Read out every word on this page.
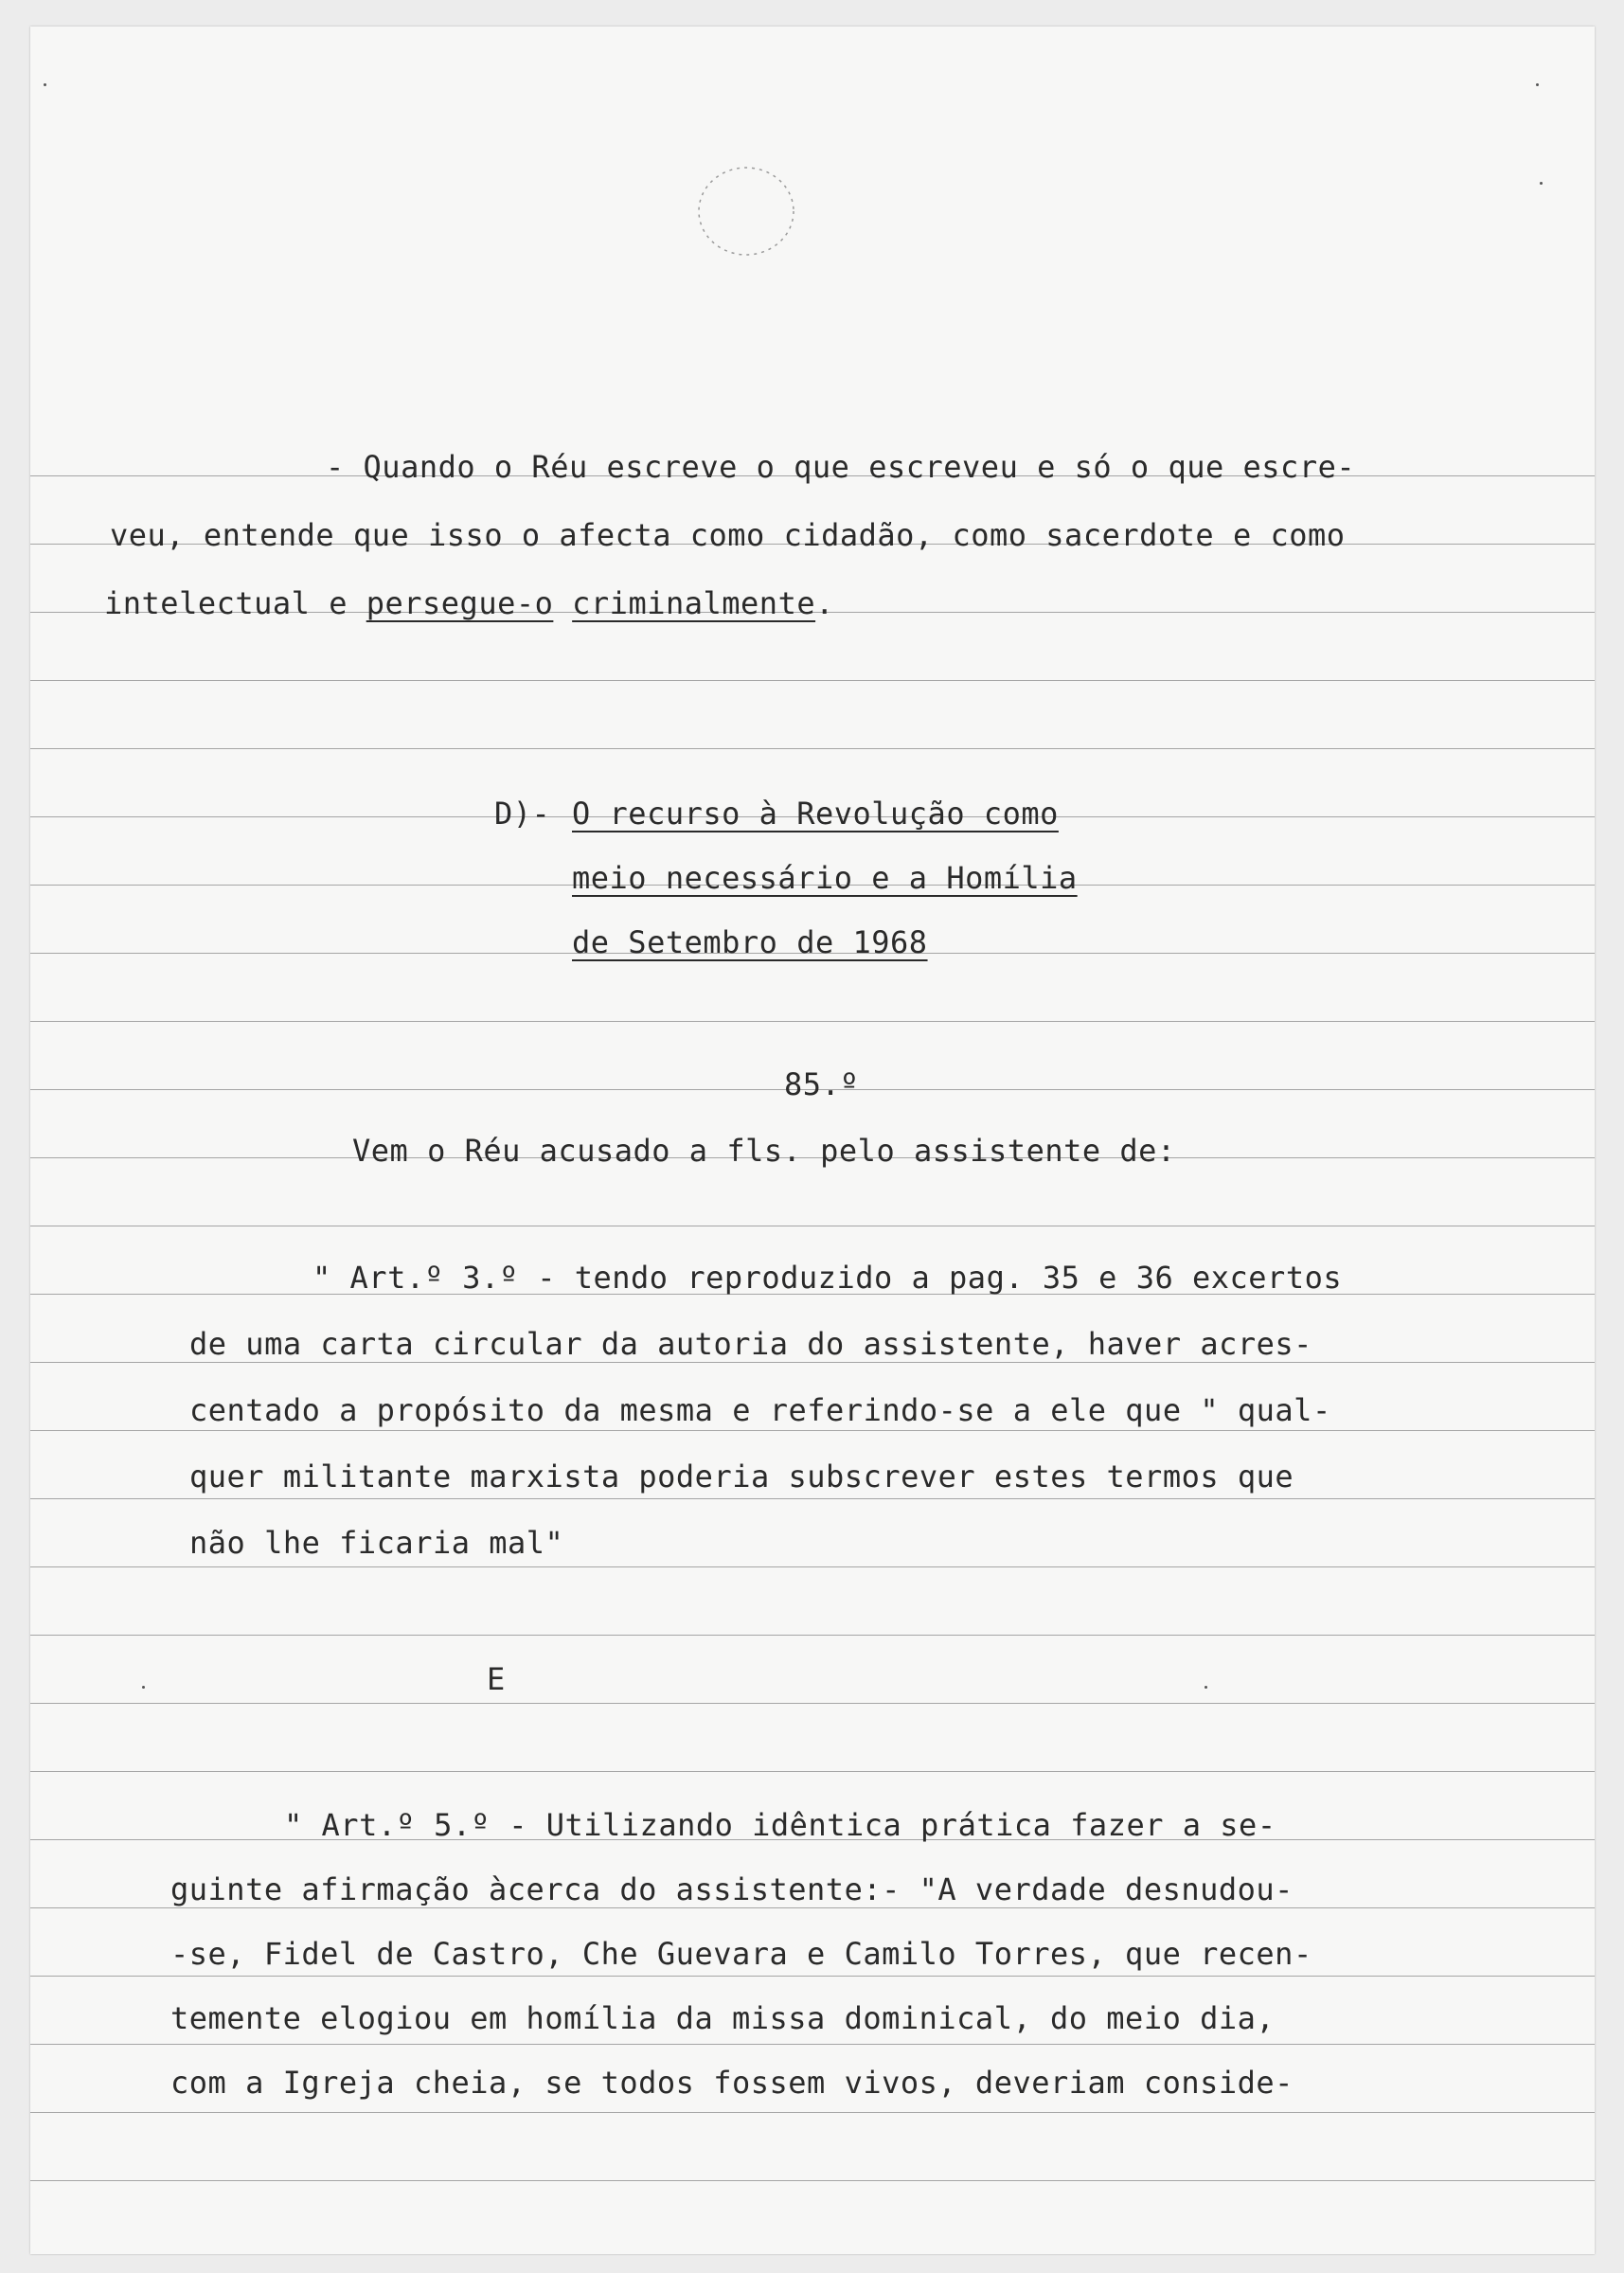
- Quando o Réu escreve o que escreveu e só o que escre-

veu, entende que isso o afecta como cidadão, como sacerdote e como

intelectual e persegue-o criminalmente.

D)- O recurso à Revolução como

meio necessário e a Homília

de Setembro de 1968

85.º

Vem o Réu acusado a fls. pelo assistente de:

" Art.º 3.º - tendo reproduzido a pag. 35 e 36 excertos

de uma carta circular da autoria do assistente, haver acres-

centado a propósito da mesma e referindo-se a ele que " qual-

quer militante marxista poderia subscrever estes termos que

não lhe ficaria mal"

E

" Art.º 5.º - Utilizando idêntica prática fazer a se-

guinte afirmação àcerca do assistente:- "A verdade desnudou-

-se, Fidel de Castro, Che Guevara e Camilo Torres, que recen-

temente elogiou em homília da missa dominical, do meio dia,

com a Igreja cheia, se todos fossem vivos, deveriam conside-
